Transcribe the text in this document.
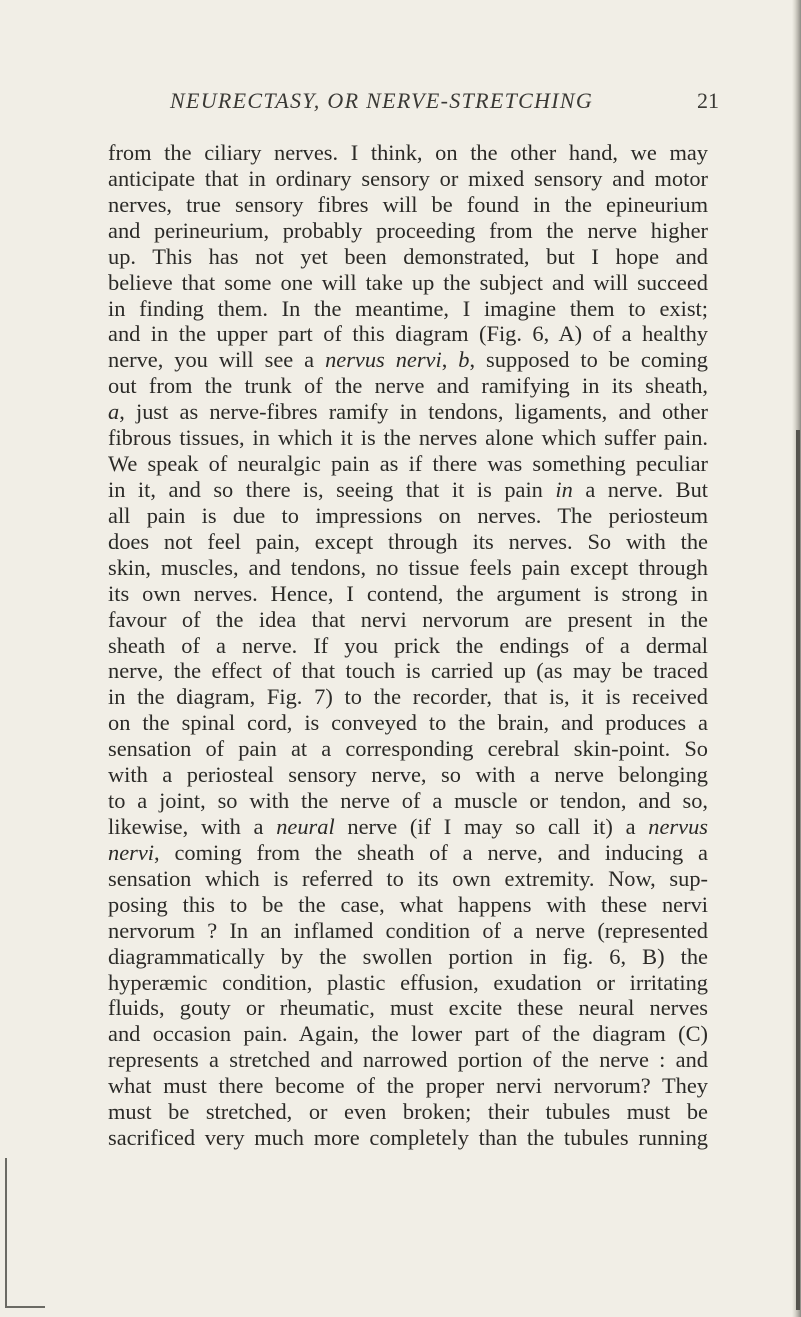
NEURECTASY, OR NERVE-STRETCHING	21
from the ciliary nerves. I think, on the other hand, we may
anticipate that in ordinary sensory or mixed sensory and motor
nerves, true sensory fibres will be found in the epineurium
and perineurium, probably proceeding from the nerve higher
up. This has not yet been demonstrated, but I hope and
believe that some one will take up the subject and will succeed
in finding them. In the meantime, I imagine them to exist;
and in the upper part of this diagram (Fig. 6, A) of a healthy
nerve, you will see a nervus nervi, b, supposed to be coming
out from the trunk of the nerve and ramifying in its sheath,
a, just as nerve-fibres ramify in tendons, ligaments, and other
fibrous tissues, in which it is the nerves alone which suffer pain.
We speak of neuralgic pain as if there was something peculiar
in it, and so there is, seeing that it is pain in a nerve. But
all pain is due to impressions on nerves. The periosteum
does not feel pain, except through its nerves. So with the
skin, muscles, and tendons, no tissue feels pain except through
its own nerves. Hence, I contend, the argument is strong in
favour of the idea that nervi nervorum are present in the
sheath of a nerve. If you prick the endings of a dermal
nerve, the effect of that touch is carried up (as may be traced
in the diagram, Fig. 7) to the recorder, that is, it is received
on the spinal cord, is conveyed to the brain, and produces a
sensation of pain at a corresponding cerebral skin-point. So
with a periosteal sensory nerve, so with a nerve belonging
to a joint, so with the nerve of a muscle or tendon, and so,
likewise, with a neural nerve (if I may so call it) a nervus
nervi, coming from the sheath of a nerve, and inducing a
sensation which is referred to its own extremity. Now, sup-
posing this to be the case, what happens with these nervi
nervorum ? In an inflamed condition of a nerve (represented
diagrammatically by the swollen portion in fig. 6, B) the
hyperæmic condition, plastic effusion, exudation or irritating
fluids, gouty or rheumatic, must excite these neural nerves
and occasion pain. Again, the lower part of the diagram (C)
represents a stretched and narrowed portion of the nerve : and
what must there become of the proper nervi nervorum? They
must be stretched, or even broken; their tubules must be
sacrificed very much more completely than the tubules running
